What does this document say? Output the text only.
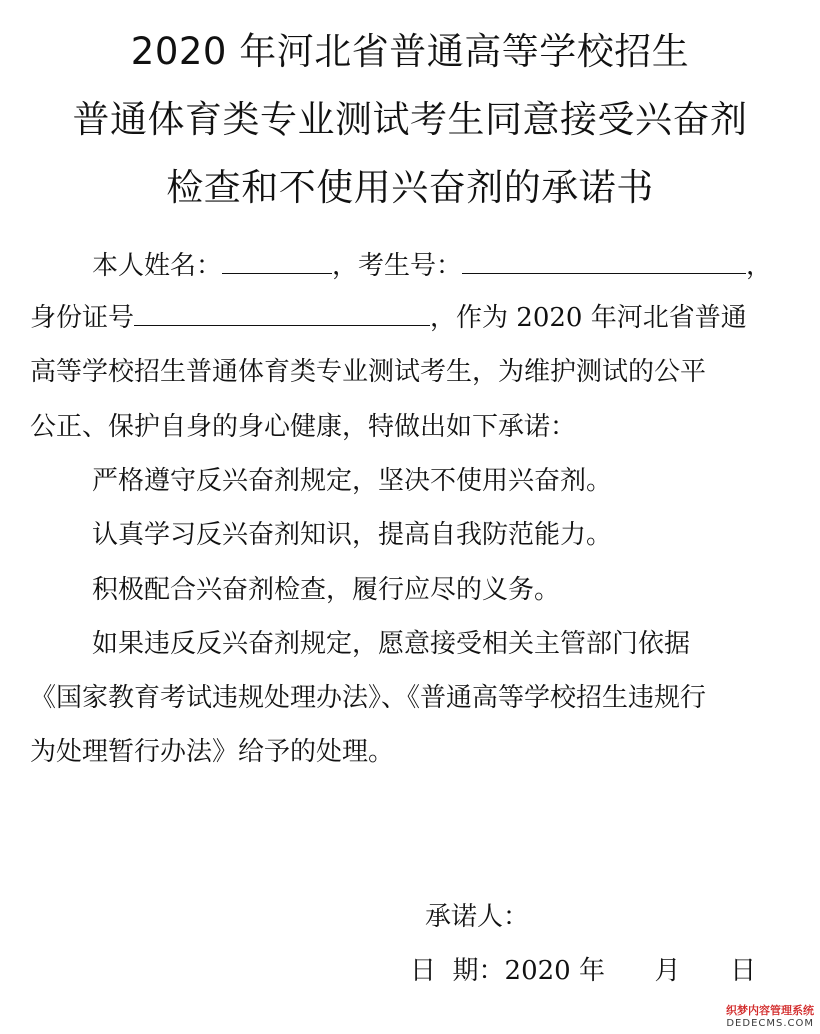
2020 年河北省普通高等学校招生
普通体育类专业测试考生同意接受兴奋剂
检查和不使用兴奋剂的承诺书
本人姓名：	，考生号：	，
身份证号	，作为 2020 年河北省普通
高等学校招生普通体育类专业测试考生，为维护测试的公平
公正、保护自身的身心健康，特做出如下承诺：
严格遵守反兴奋剂规定，坚决不使用兴奋剂。
认真学习反兴奋剂知识，提高自我防范能力。
积极配合兴奋剂检查，履行应尽的义务。
如果违反反兴奋剂规定，愿意接受相关主管部门依据
《国家教育考试违规处理办法》、《普通高等学校招生违规行
为处理暂行办法》给予的处理。
承诺人：
日  期：2020 年      月      日
织梦内容管理系统
DEDECMS.COM
